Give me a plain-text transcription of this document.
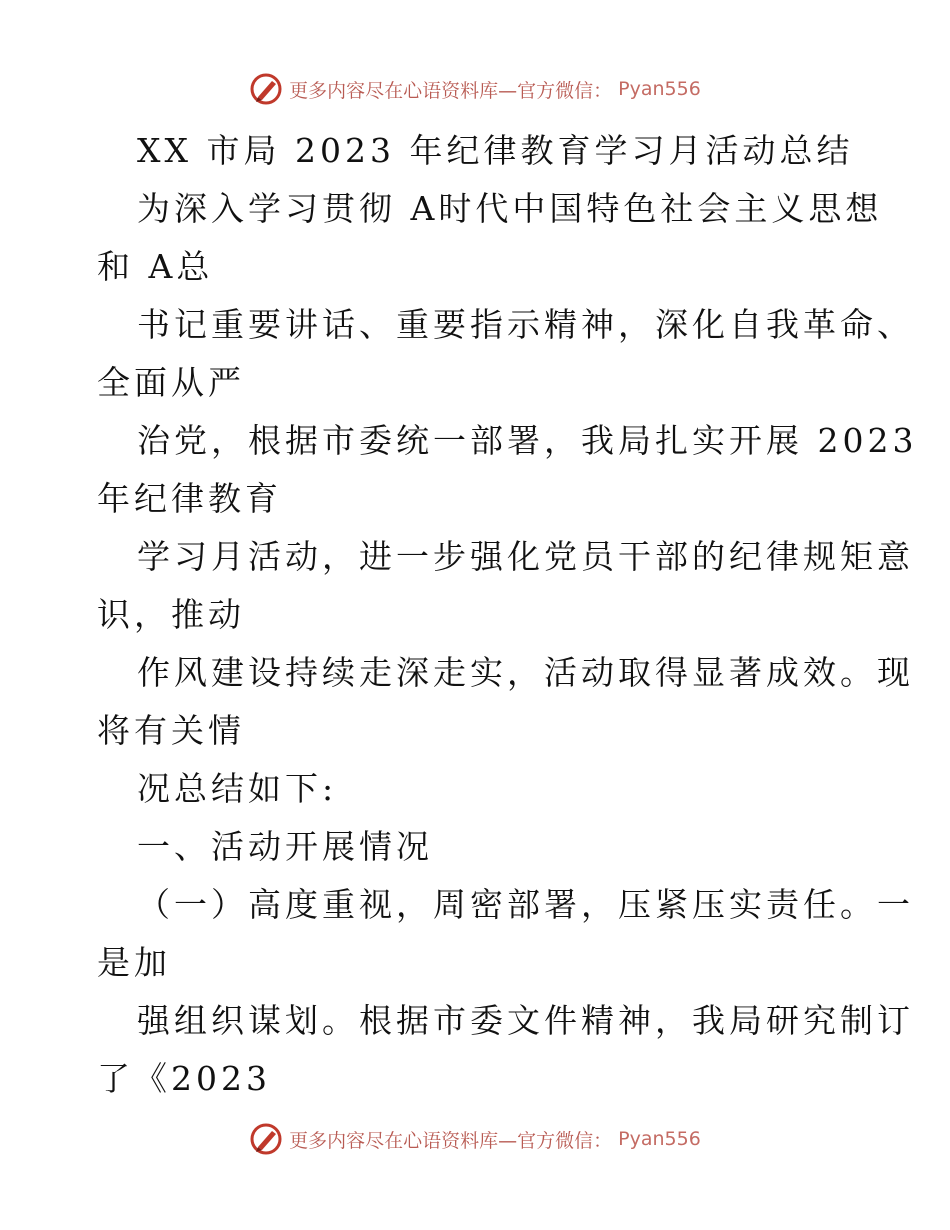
更多内容尽在心语资料库—官方微信： Pyan556
XX 市局 2023 年纪律教育学习月活动总结
为深入学习贯彻 A时代中国特色社会主义思想
和 A总
书记重要讲话、重要指示精神，深化自我革命、
全面从严
治党，根据市委统一部署，我局扎实开展 2023
年纪律教育
学习月活动，进一步强化党员干部的纪律规矩意
识，推动
作风建设持续走深走实，活动取得显著成效。现
将有关情
况总结如下:
一、活动开展情况
（一）高度重视，周密部署，压紧压实责任。一
是加
强组织谋划。根据市委文件精神，我局研究制订
了《2023
更多内容尽在心语资料库—官方微信： Pyan556
